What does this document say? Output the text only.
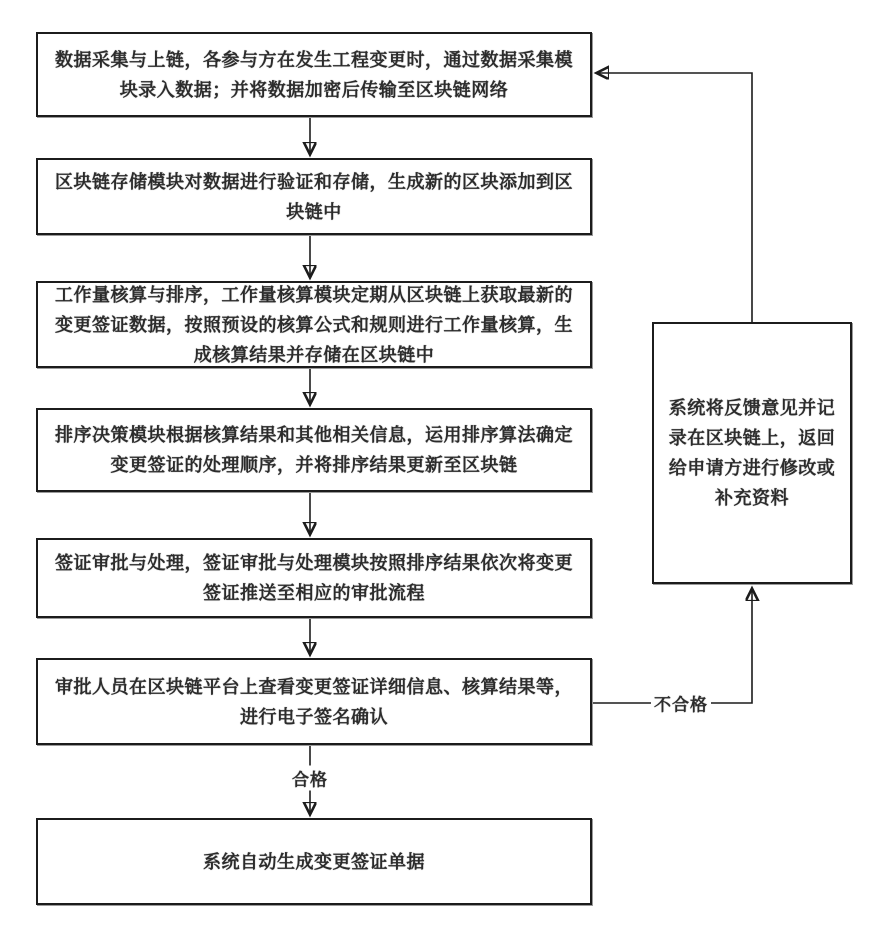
数据采集与上链，各参与方在发生工程变更时，通过数据采集模块录入数据；并将数据加密后传输至区块链网络
区块链存储模块对数据进行验证和存储，生成新的区块添加到区块链中
工作量核算与排序，工作量核算模块定期从区块链上获取最新的变更签证数据，按照预设的核算公式和规则进行工作量核算，生成核算结果并存储在区块链中
排序决策模块根据核算结果和其他相关信息，运用排序算法确定变更签证的处理顺序，并将排序结果更新至区块链
签证审批与处理，签证审批与处理模块按照排序结果依次将变更签证推送至相应的审批流程
审批人员在区块链平台上查看变更签证详细信息、核算结果等，进行电子签名确认
系统自动生成变更签证单据
系统将反馈意见并记录在区块链上，返回给申请方进行修改或补充资料
合格
不合格
